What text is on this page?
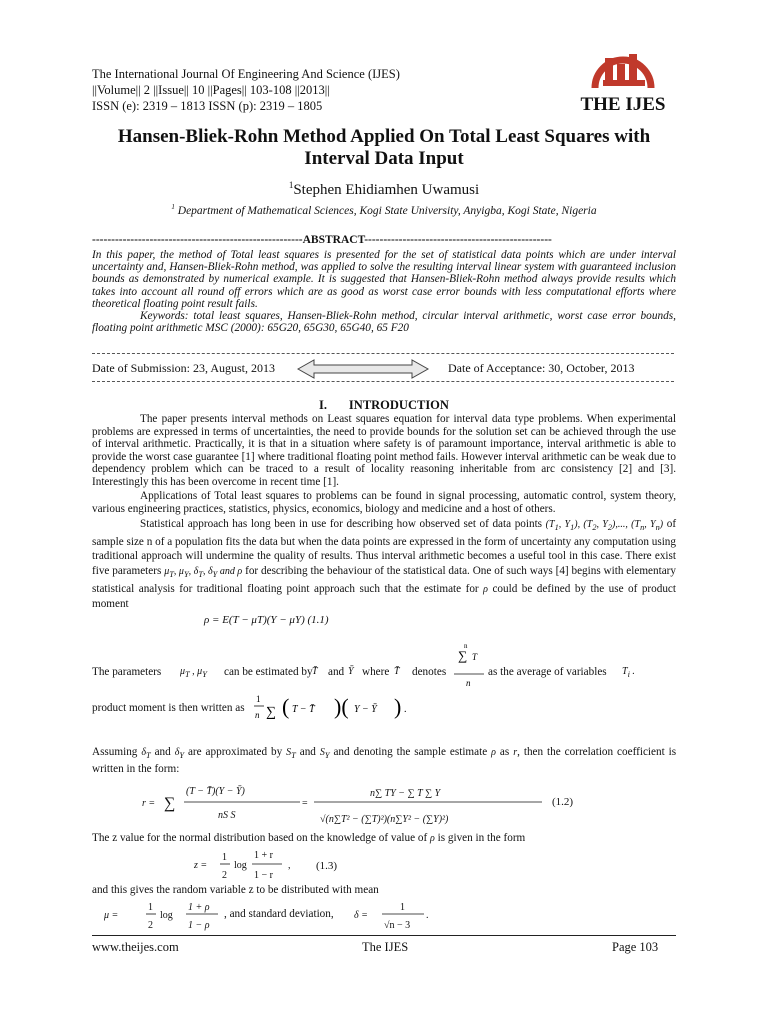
The International Journal Of Engineering And Science (IJES)
||Volume|| 2 ||Issue|| 10 ||Pages|| 103-108 ||2013||
ISSN (e): 2319 – 1813 ISSN (p): 2319 – 1805	THE IJES
Hansen-Bliek-Rohn Method Applied On Total Least Squares with
Interval Data Input
$^1$Stephen Ehidiamhen Uwamusi
$^1$ Department of Mathematical Sciences, Kogi State University, Anyigba, Kogi State, Nigeria
-------------------------------------------------------ABSTRACT-------------------------------------------------

In this paper, the method of Total least squares is presented for the set of statistical data points which are under interval uncertainty and, Hansen-Bliek-Rohn method, was applied to solve the resulting interval linear system with guaranteed inclusion bounds as demonstrated by numerical example. It is suggested that Hansen-Bliek-Rohn method always provide results which takes into account all round off errors which are as good as worst case error bounds with less computational efforts where theoretical floating point result fails.

Keywords: total least squares, Hansen-Bliek-Rohn method, circular interval arithmetic, worst case error bounds, floating point arithmetic MSC (2000): 65G20, 65G30, 65G40, 65 F20

Date of Submission: 23, August, 2013	Date of Acceptance: 30, October, 2013
I. INTRODUCTION

The paper presents interval methods on Least squares equation for interval data type problems. When experimental problems are expressed in terms of uncertainties, the need to provide bounds for the solution set can be achieved through the use of interval arithmetic. Practically, it is that in a situation where safety is of paramount importance, interval arithmetic is able to provide the worst case guarantee [1] where traditional floating point method fails. However interval arithmetic can be weak due to dependency problem which can be traced to a result of locality reasoning inheritable from arc consistency [2] and [3]. Interestingly this has been overcome in recent time [1].

Applications of Total least squares to problems can be found in signal processing, automatic control, system theory, various engineering practices, statistics, physics, economics, biology and medicine and a host of others.

Statistical approach has long been in use for describing how observed set of data points ($T_1$, $Y_1$), ($T_2$, $Y_2$),..., ($T_n$, $Y_n$) of sample size n of a population fits the data but when the data points are expressed in the form of uncertainty any computation using traditional approach will undermine the quality of results. Thus interval arithmetic becomes a useful tool in this case. There exist five parameters $\mu_T$, $\mu_Y$, $\delta_T$, $\delta_Y$ and ρ for describing the behaviour of the statistical data. One of such ways [4] begins with elementary statistical analysis for traditional floating point approach such that the estimate for ρ could be defined by the use of product moment

ρ = E(T − μT)(Y − μY) (1.1)
n
∑ T
n
The parameters $\mu_T$ , $\mu_Y$ can be estimated by T̄ and Ȳ where T̄ denotes	as the average of variables $T_i$ .
product moment is then written as
1
n ∑ ( T − T̄ )( Y − Ȳ ) .
Assuming $\delta_T$ and $\delta_Y$ are approximated by $S_T$ and $S_Y$ and denoting the sample estimate ρ as r, then the correlation coefficient is written in the form:
r = ∑
(T − T̄)(Y − Ȳ)
nS S
=
n∑ TY − ∑ T ∑ Y
√(n∑T² − (∑T)²)(n∑Y² − (∑Y)²)
(1.2)
The z value for the normal distribution based on the knowledge of value of ρ is given in the form
z =
1
2
log
1 + r
1 − r
, (1.3)
and this gives the random variable z to be distributed with mean
μ =
1
2
log
1 + ρ
1 − ρ
, and standard deviation, δ =
1
√n − 3
.
www.theijes.com	The IJES	Page 103
